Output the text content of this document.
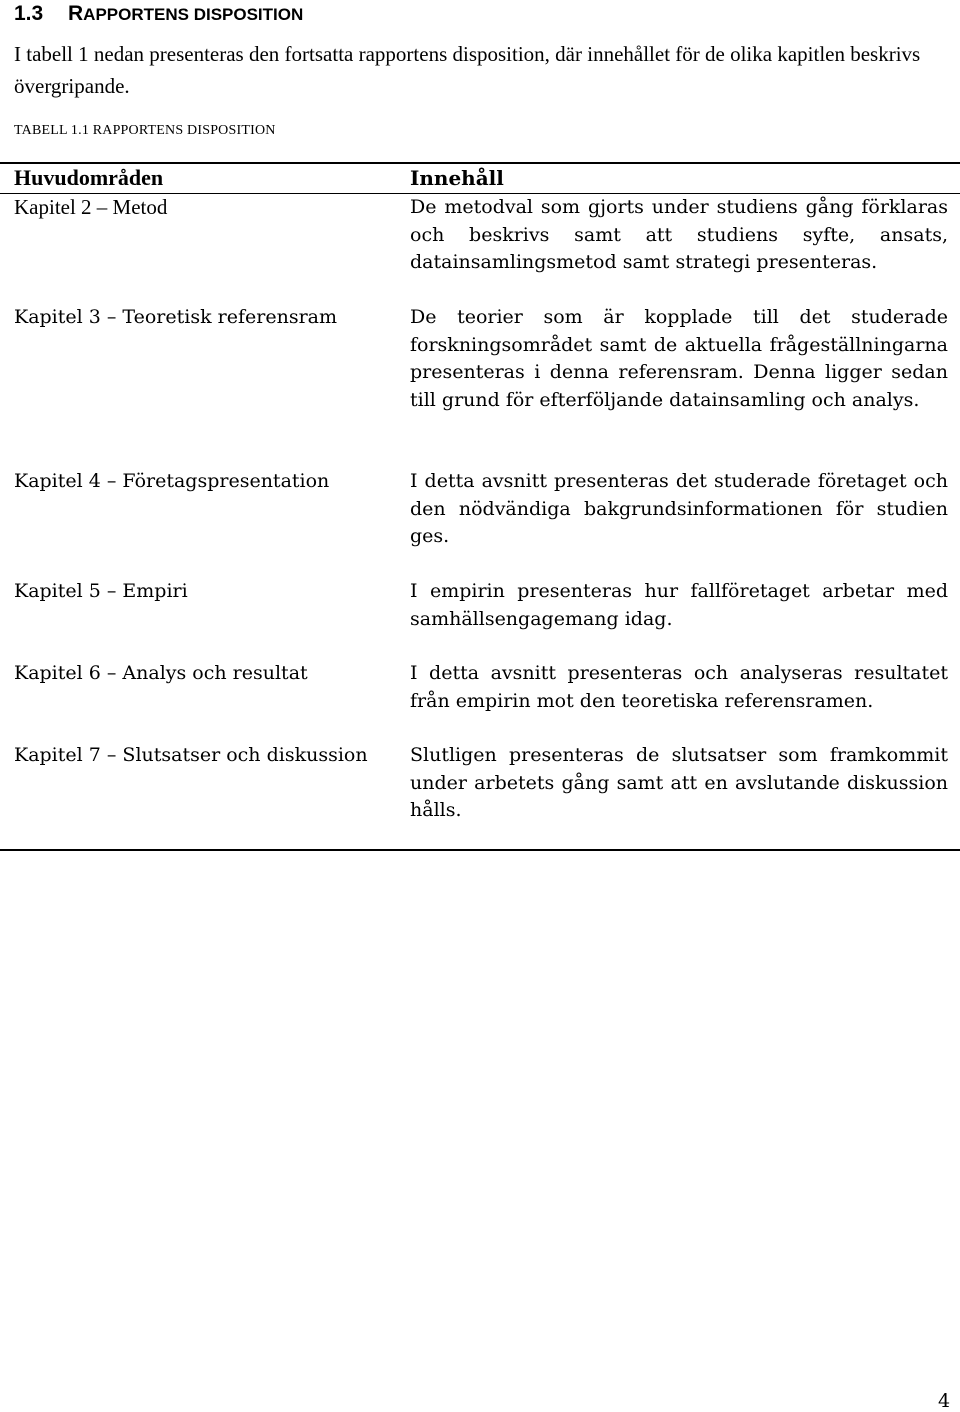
1.3 RAPPORTENS DISPOSITION
I tabell 1 nedan presenteras den fortsatta rapportens disposition, där innehållet för de olika kapitlen beskrivs övergripande.
TABELL 1.1 RAPPORTENS DISPOSITION
Huvudområden	Innehåll
Kapitel 2 – Metod	De metodval som gjorts under studiens gång förklaras och beskrivs samt att studiens syfte, ansats, datainsamlingsmetod samt strategi presenteras.
Kapitel 3 – Teoretisk referensram	De teorier som är kopplade till det studerade forskningsområdet samt de aktuella frågeställningarna presenteras i denna referensram. Denna ligger sedan till grund för efterföljande datainsamling och analys.
Kapitel 4 – Företagspresentation	I detta avsnitt presenteras det studerade företaget och den nödvändiga bakgrundsinformationen för studien ges.
Kapitel 5 – Empiri	I empirin presenteras hur fallföretaget arbetar med samhällsengagemang idag.
Kapitel 6 – Analys och resultat	I detta avsnitt presenteras och analyseras resultatet från empirin mot den teoretiska referensramen.
Kapitel 7 – Slutsatser och diskussion	Slutligen presenteras de slutsatser som framkommit under arbetets gång samt att en avslutande diskussion hålls.
4
